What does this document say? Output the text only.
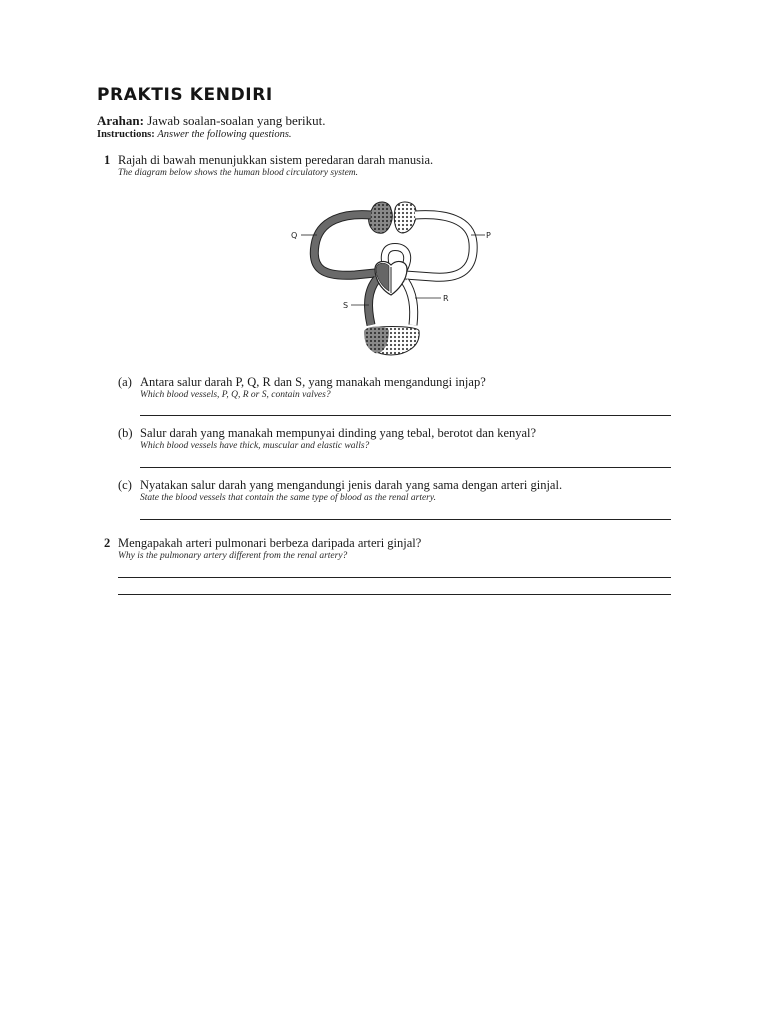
PRAKTIS KENDIRI
Arahan: Jawab soalan-soalan yang berikut.
Instructions: Answer the following questions.
1 Rajah di bawah menunjukkan sistem peredaran darah manusia.
The diagram below shows the human blood circulatory system.
Q	P
R
S
(a) Antara salur darah P, Q, R dan S, yang manakah mengandungi injap?
Which blood vessels, P, Q, R or S, contain valves?
(b) Salur darah yang manakah mempunyai dinding yang tebal, berotot dan kenyal?
Which blood vessels have thick, muscular and elastic walls?
(c) Nyatakan salur darah yang mengandungi jenis darah yang sama dengan arteri ginjal.
State the blood vessels that contain the same type of blood as the renal artery.
2 Mengapakah arteri pulmonari berbeza daripada arteri ginjal?
Why is the pulmonary artery different from the renal artery?
